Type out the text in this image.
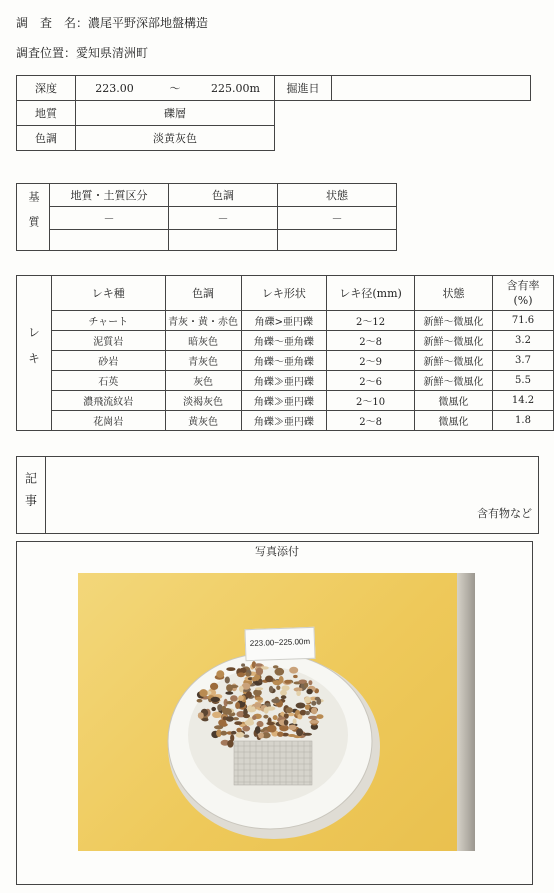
調　査　名：濃尾平野深部地盤構造
調査位置：愛知県清洲町
深度	223.00 〜 225.00m	掘進日	
地質	礫層		
色調	淡黄灰色		
基質	地質・土質区分	色調	状態
	－	－	－

レキ	レキ種	色調	レキ形状	レキ径(mm)	状態	含有率
(%)
	チャート	青灰・黄・赤色	角礫>亜円礫	2〜12	新鮮〜微風化	71.6
	泥質岩	暗灰色	角礫〜亜角礫	2〜8	新鮮〜微風化	3.2
	砂岩	青灰色	角礫〜亜角礫	2〜9	新鮮〜微風化	3.7
	石英	灰色	角礫≫亜円礫	2〜6	新鮮〜微風化	5.5
	濃飛流紋岩	淡褐灰色	角礫≫亜円礫	2〜10	微風化	14.2
	花崗岩	黄灰色	角礫≫亜円礫	2〜8	微風化	1.8
記事	含有物など
写真添付
223.00~225.00m
